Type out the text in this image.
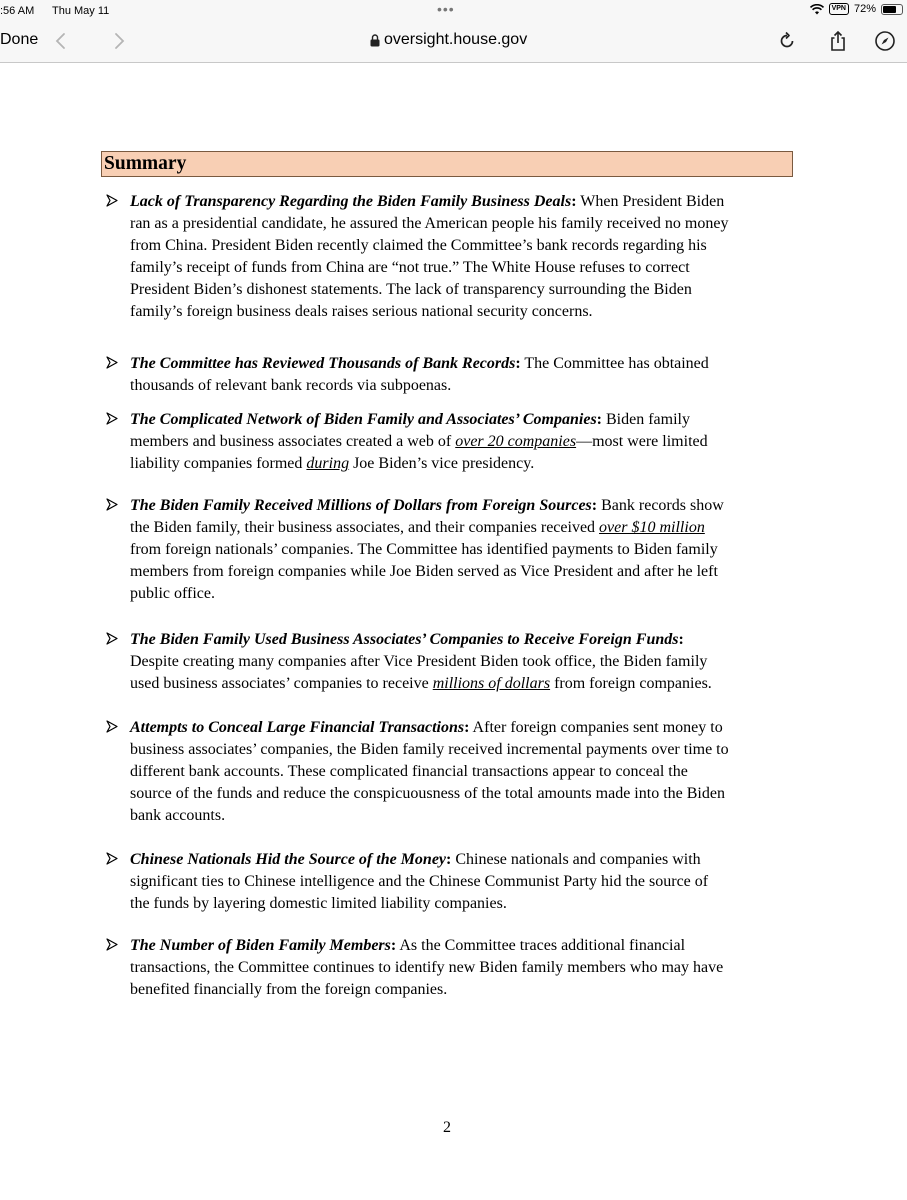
:56 AM Thu May 11	•••	VPN 72%
Done	oversight.house.gov
Summary
Lack of Transparency Regarding the Biden Family Business Deals: When President Biden
ran as a presidential candidate, he assured the American people his family received no money
from China. President Biden recently claimed the Committee’s bank records regarding his
family’s receipt of funds from China are “not true.” The White House refuses to correct
President Biden’s dishonest statements. The lack of transparency surrounding the Biden
family’s foreign business deals raises serious national security concerns.
The Committee has Reviewed Thousands of Bank Records: The Committee has obtained
thousands of relevant bank records via subpoenas.
The Complicated Network of Biden Family and Associates’ Companies: Biden family
members and business associates created a web of over 20 companies—most were limited
liability companies formed during Joe Biden’s vice presidency.
The Biden Family Received Millions of Dollars from Foreign Sources: Bank records show
the Biden family, their business associates, and their companies received over $10 million
from foreign nationals’ companies. The Committee has identified payments to Biden family
members from foreign companies while Joe Biden served as Vice President and after he left
public office.
The Biden Family Used Business Associates’ Companies to Receive Foreign Funds:
Despite creating many companies after Vice President Biden took office, the Biden family
used business associates’ companies to receive millions of dollars from foreign companies.
Attempts to Conceal Large Financial Transactions: After foreign companies sent money to
business associates’ companies, the Biden family received incremental payments over time to
different bank accounts. These complicated financial transactions appear to conceal the
source of the funds and reduce the conspicuousness of the total amounts made into the Biden
bank accounts.
Chinese Nationals Hid the Source of the Money: Chinese nationals and companies with
significant ties to Chinese intelligence and the Chinese Communist Party hid the source of
the funds by layering domestic limited liability companies.
The Number of Biden Family Members: As the Committee traces additional financial
transactions, the Committee continues to identify new Biden family members who may have
benefited financially from the foreign companies.
2
